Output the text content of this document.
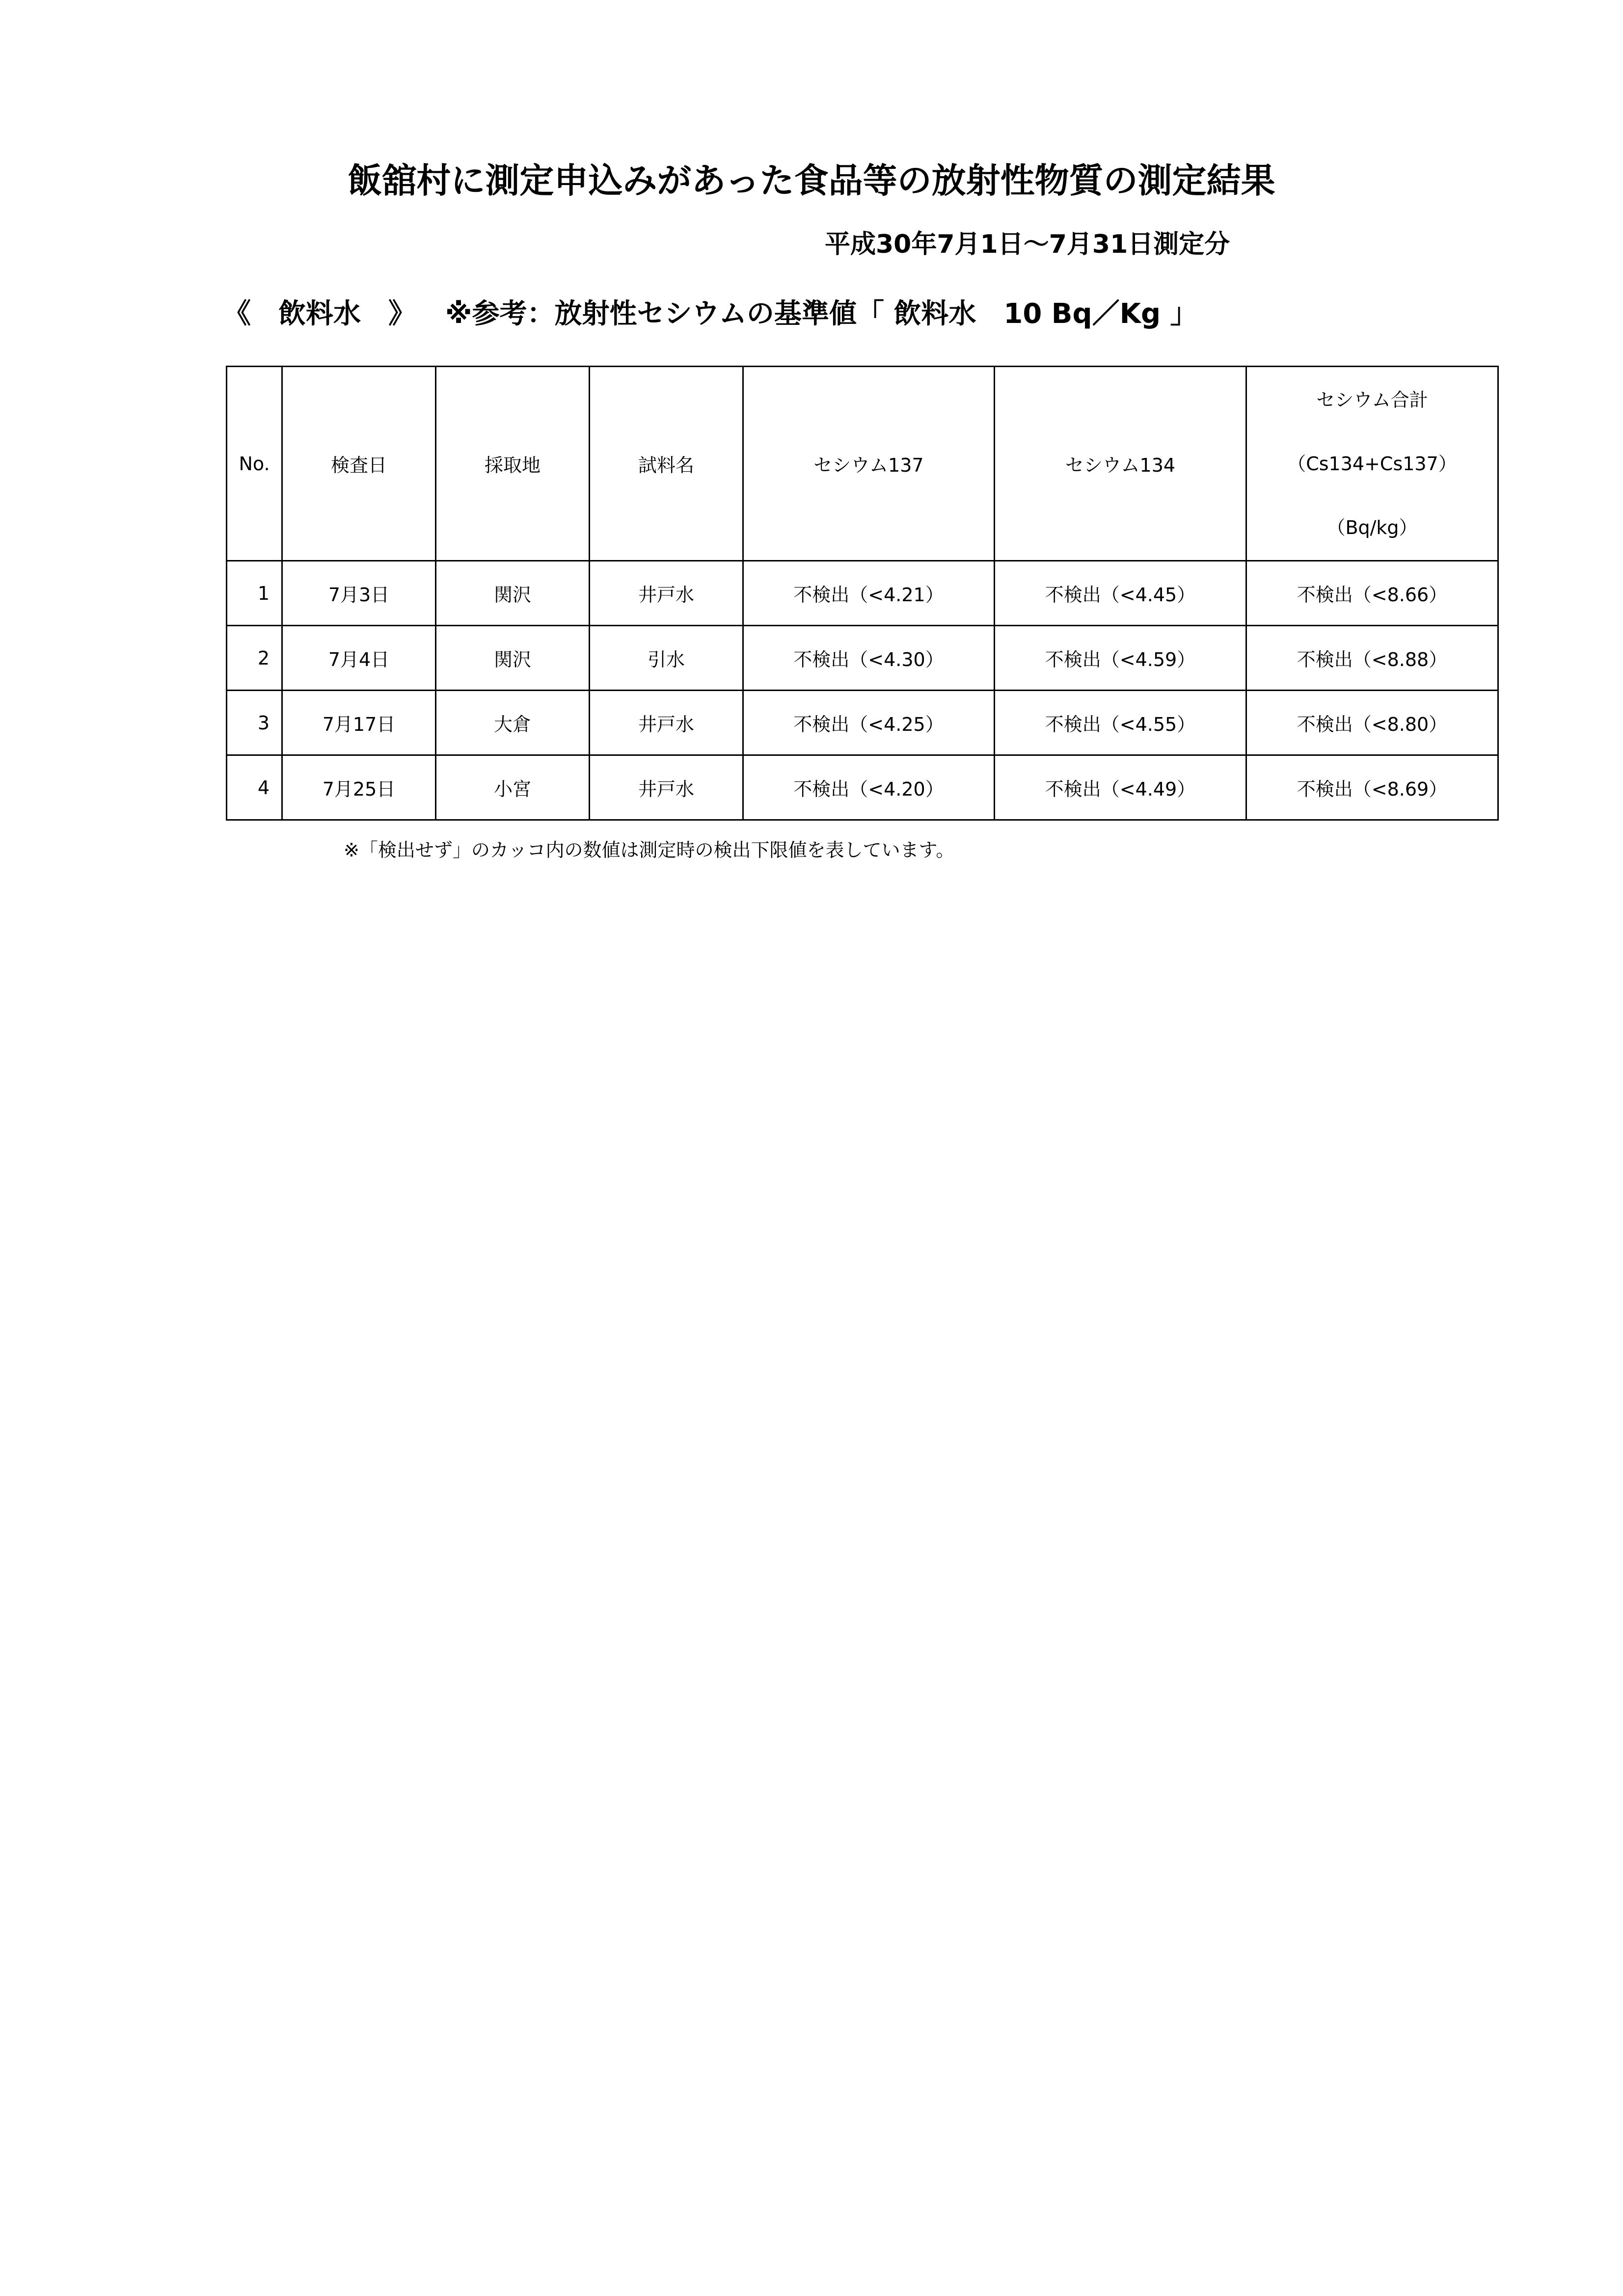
飯舘村に測定申込みがあった食品等の放射性物質の測定結果
平成30年7月1日～7月31日測定分
《　飲料水　》 ※参考：放射性セシウムの基準値「 飲料水　10 Bq／Kg 」
No.	検査日	採取地	試料名	セシウム137	セシウム134	セシウム合計
（Cs134+Cs137）
（Bq/kg）

1	7月3日	関沢	井戸水	不検出（<4.21）	不検出（<4.45）	不検出（<8.66）
2	7月4日	関沢	引水	不検出（<4.30）	不検出（<4.59）	不検出（<8.88）
3	7月17日	大倉	井戸水	不検出（<4.25）	不検出（<4.55）	不検出（<8.80）
4	7月25日	小宮	井戸水	不検出（<4.20）	不検出（<4.49）	不検出（<8.69）
※「検出せず」のカッコ内の数値は測定時の検出下限値を表しています。
